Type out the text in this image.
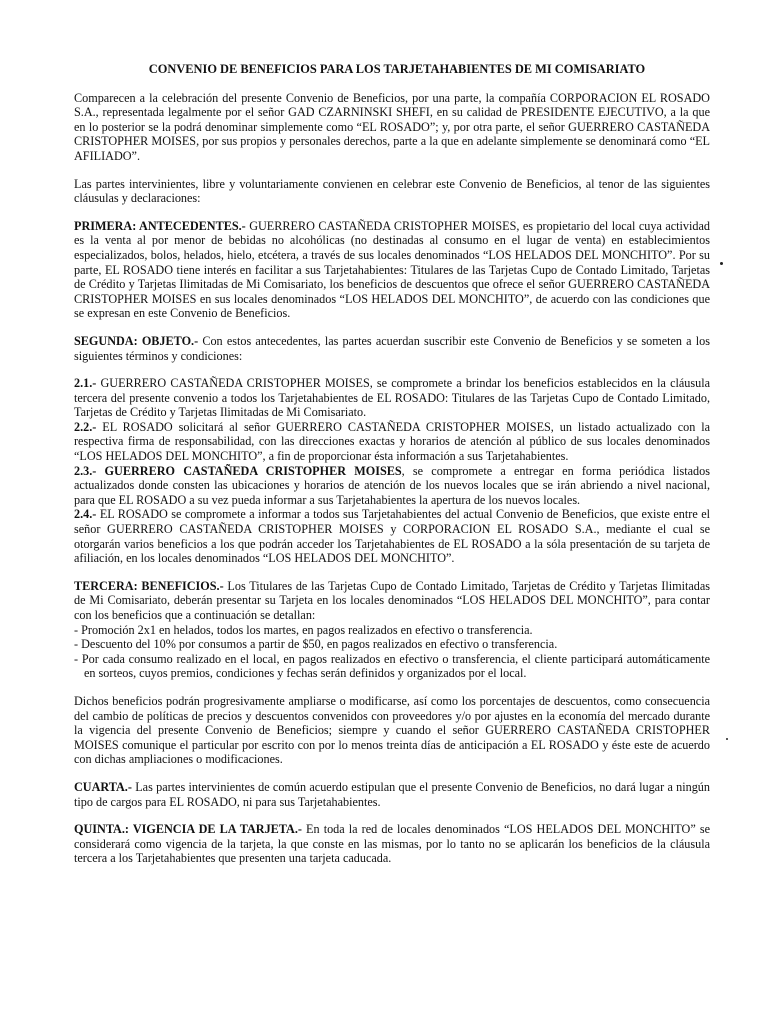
CONVENIO DE BENEFICIOS PARA LOS TARJETAHABIENTES DE MI COMISARIATO

Comparecen a la celebración del presente Convenio de Beneficios, por una parte, la compañía CORPORACION EL ROSADO S.A., representada legalmente por el señor GAD CZARNINSKI SHEFI, en su calidad de PRESIDENTE EJECUTIVO, a la que en lo posterior se la podrá denominar simplemente como “EL ROSADO”; y, por otra parte, el señor GUERRERO CASTAÑEDA CRISTOPHER MOISES, por sus propios y personales derechos, parte a la que en adelante simplemente se denominará como “EL AFILIADO”.

Las partes intervinientes, libre y voluntariamente convienen en celebrar este Convenio de Beneficios, al tenor de las siguientes cláusulas y declaraciones:

PRIMERA: ANTECEDENTES.- GUERRERO CASTAÑEDA CRISTOPHER MOISES, es propietario del local cuya actividad es la venta al por menor de bebidas no alcohólicas (no destinadas al consumo en el lugar de venta) en establecimientos especializados, bolos, helados, hielo, etcétera, a través de sus locales denominados “LOS HELADOS DEL MONCHITO”. Por su parte, EL ROSADO tiene interés en facilitar a sus Tarjetahabientes: Titulares de las Tarjetas Cupo de Contado Limitado, Tarjetas de Crédito y Tarjetas Ilimitadas de Mi Comisariato, los beneficios de descuentos que ofrece el señor GUERRERO CASTAÑEDA CRISTOPHER MOISES en sus locales denominados “LOS HELADOS DEL MONCHITO”, de acuerdo con las condiciones que se expresan en este Convenio de Beneficios.

SEGUNDA: OBJETO.- Con estos antecedentes, las partes acuerdan suscribir este Convenio de Beneficios y se someten a los siguientes términos y condiciones:

2.1.- GUERRERO CASTAÑEDA CRISTOPHER MOISES, se compromete a brindar los beneficios establecidos en la cláusula tercera del presente convenio a todos los Tarjetahabientes de EL ROSADO: Titulares de las Tarjetas Cupo de Contado Limitado, Tarjetas de Crédito y Tarjetas Ilimitadas de Mi Comisariato.

2.2.- EL ROSADO solicitará al señor GUERRERO CASTAÑEDA CRISTOPHER MOISES, un listado actualizado con la respectiva firma de responsabilidad, con las direcciones exactas y horarios de atención al público de sus locales denominados “LOS HELADOS DEL MONCHITO”, a fin de proporcionar ésta información a sus Tarjetahabientes.

2.3.- GUERRERO CASTAÑEDA CRISTOPHER MOISES, se compromete a entregar en forma periódica listados actualizados donde consten las ubicaciones y horarios de atención de los nuevos locales que se irán abriendo a nivel nacional, para que EL ROSADO a su vez pueda informar a sus Tarjetahabientes la apertura de los nuevos locales.

2.4.- EL ROSADO se compromete a informar a todos sus Tarjetahabientes del actual Convenio de Beneficios, que existe entre el señor GUERRERO CASTAÑEDA CRISTOPHER MOISES y CORPORACION EL ROSADO S.A., mediante el cual se otorgarán varios beneficios a los que podrán acceder los Tarjetahabientes de EL ROSADO a la sóla presentación de su tarjeta de afiliación, en los locales denominados “LOS HELADOS DEL MONCHITO”.

TERCERA: BENEFICIOS.- Los Titulares de las Tarjetas Cupo de Contado Limitado, Tarjetas de Crédito y Tarjetas Ilimitadas de Mi Comisariato, deberán presentar su Tarjeta en los locales denominados “LOS HELADOS DEL MONCHITO”, para contar con los beneficios que a continuación se detallan:

- Promoción 2x1 en helados, todos los martes, en pagos realizados en efectivo o transferencia.
- Descuento del 10% por consumos a partir de $50, en pagos realizados en efectivo o transferencia.
- Por cada consumo realizado en el local, en pagos realizados en efectivo o transferencia, el cliente participará automáticamente en sorteos, cuyos premios, condiciones y fechas serán definidos y organizados por el local.

Dichos beneficios podrán progresivamente ampliarse o modificarse, así como los porcentajes de descuentos, como consecuencia del cambio de políticas de precios y descuentos convenidos con proveedores y/o por ajustes en la economía del mercado durante la vigencia del presente Convenio de Beneficios; siempre y cuando el señor GUERRERO CASTAÑEDA CRISTOPHER MOISES comunique el particular por escrito con por lo menos treinta días de anticipación a EL ROSADO y éste este de acuerdo con dichas ampliaciones o modificaciones.

CUARTA.- Las partes intervinientes de común acuerdo estipulan que el presente Convenio de Beneficios, no dará lugar a ningún tipo de cargos para EL ROSADO, ni para sus Tarjetahabientes.

QUINTA.: VIGENCIA DE LA TARJETA.- En toda la red de locales denominados “LOS HELADOS DEL MONCHITO” se considerará como vigencia de la tarjeta, la que conste en las mismas, por lo tanto no se aplicarán los beneficios de la cláusula tercera a los Tarjetahabientes que presenten una tarjeta caducada.
